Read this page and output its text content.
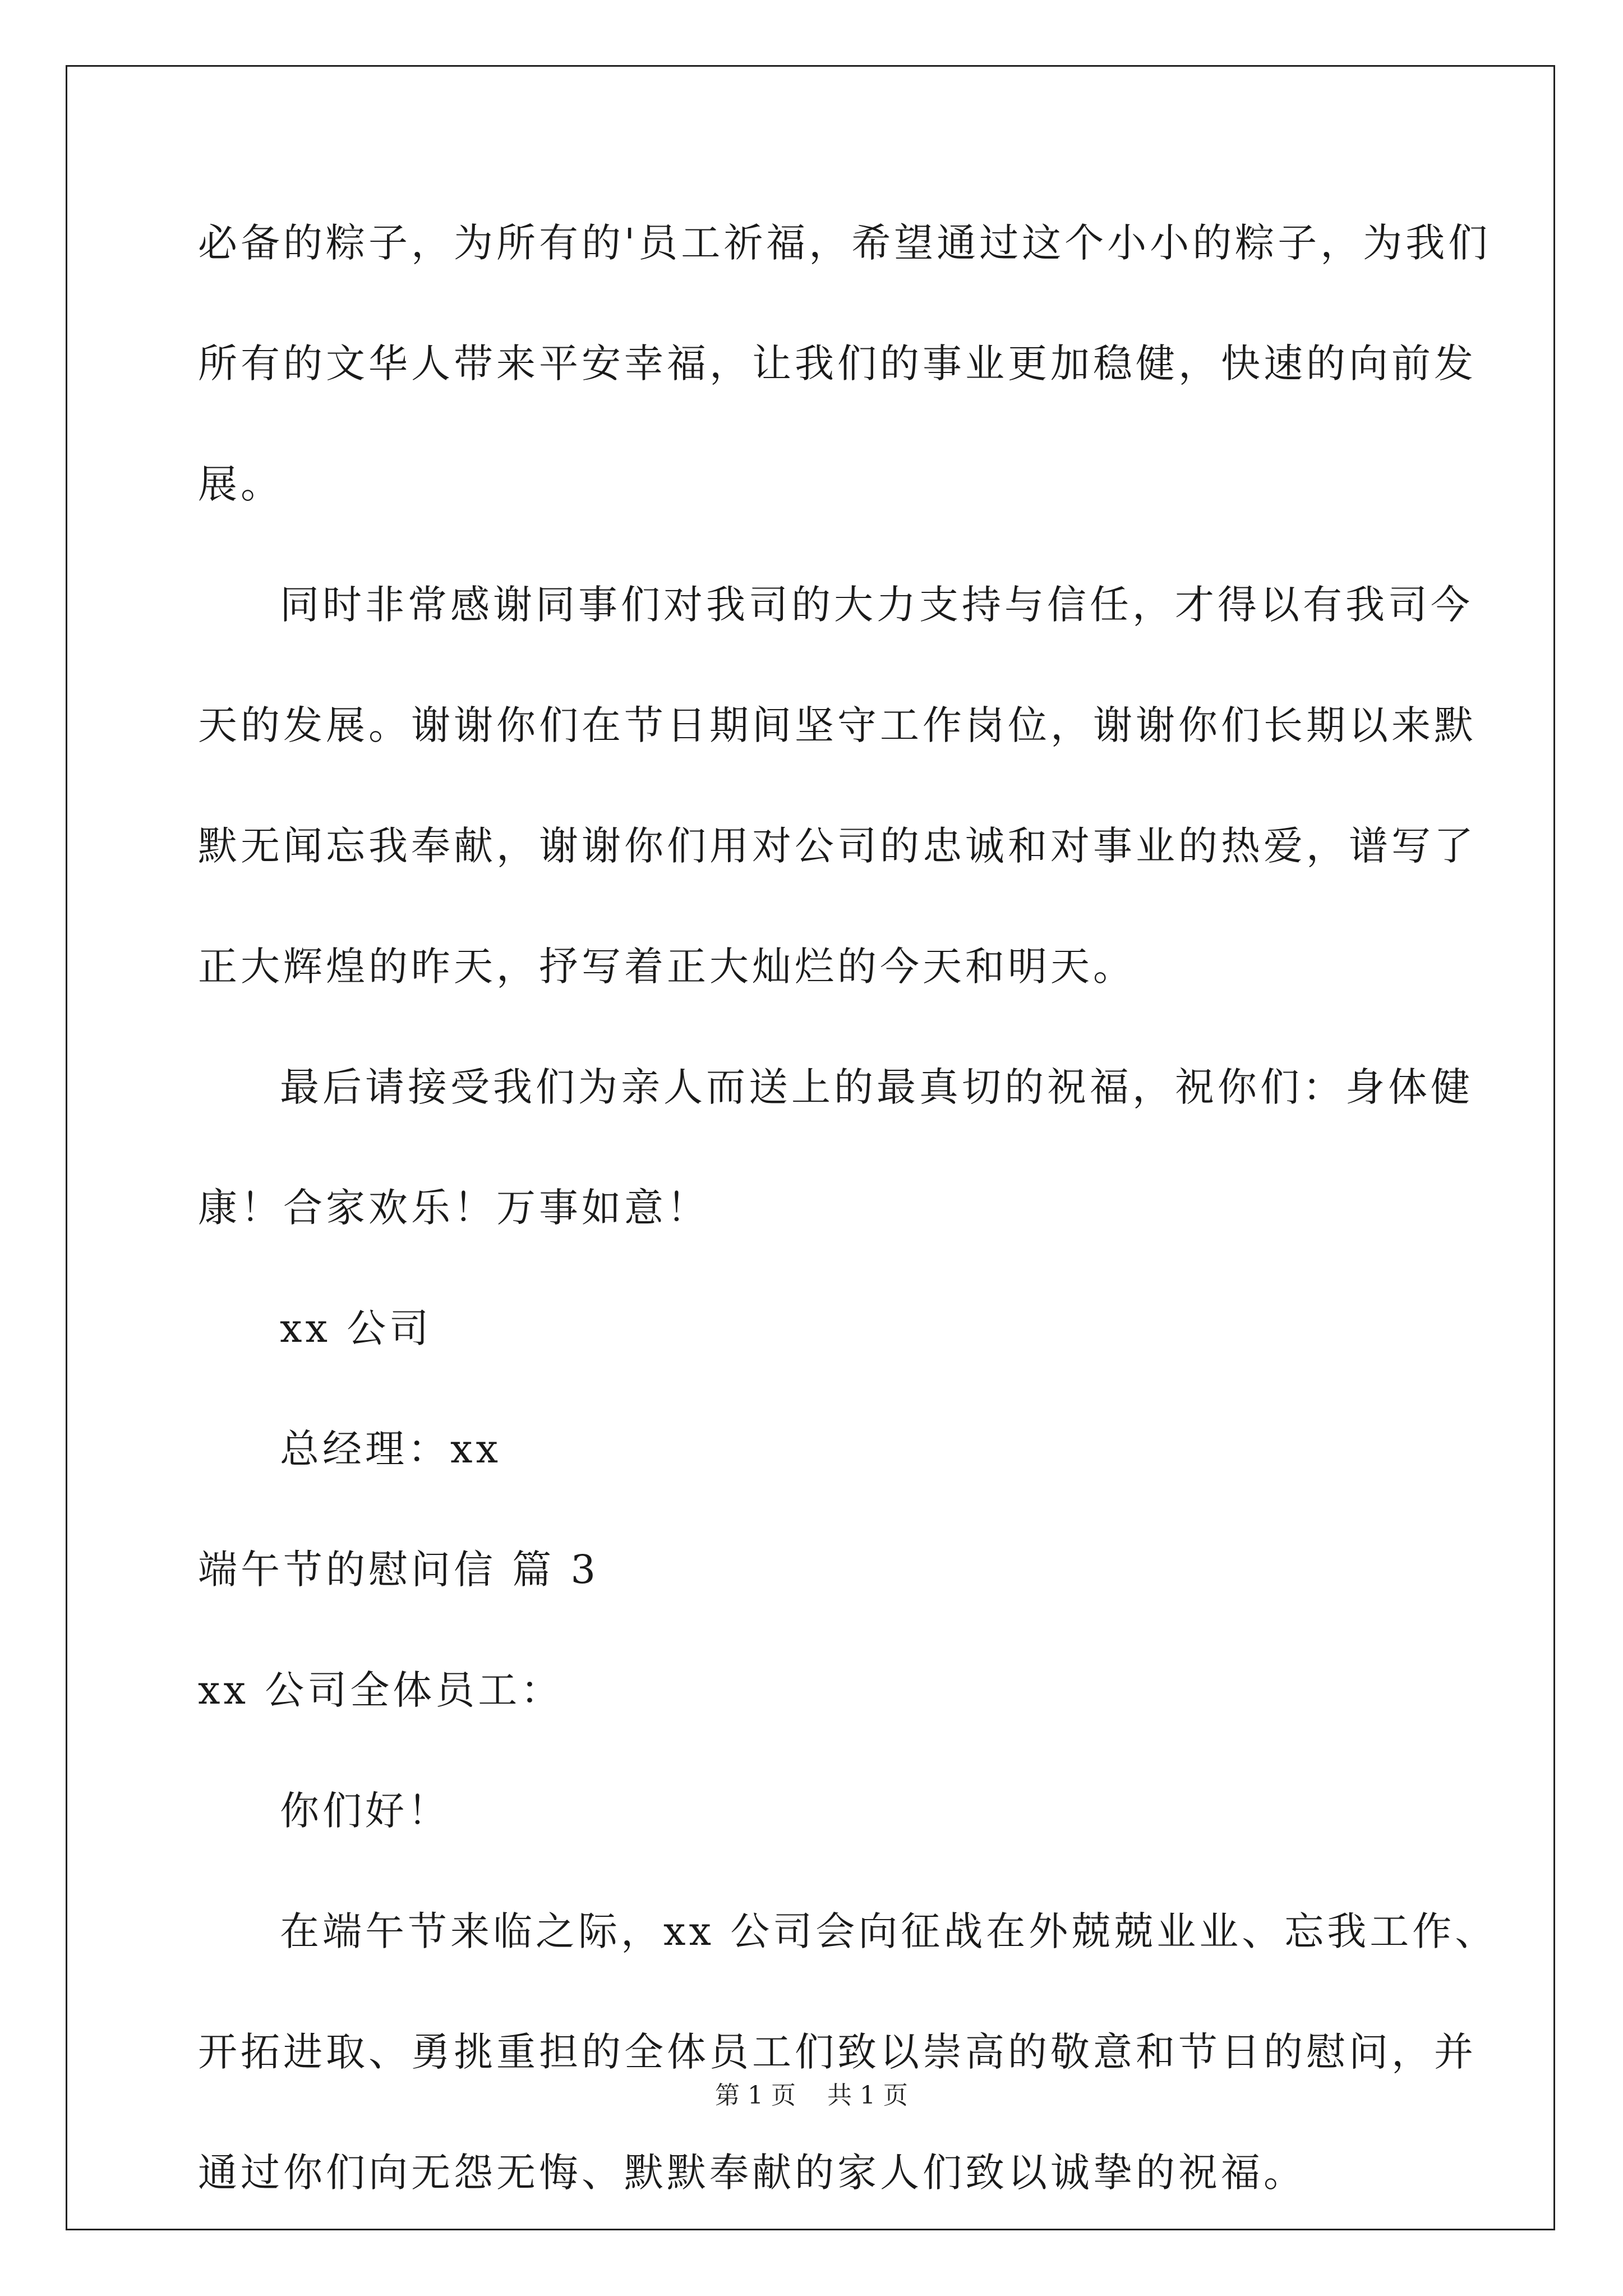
必备的粽子，为所有的'员工祈福，希望通过这个小小的粽子，为我们
所有的文华人带来平安幸福，让我们的事业更加稳健，快速的向前发
展。
同时非常感谢同事们对我司的大力支持与信任，才得以有我司今
天的发展。谢谢你们在节日期间坚守工作岗位，谢谢你们长期以来默
默无闻忘我奉献，谢谢你们用对公司的忠诚和对事业的热爱，谱写了
正大辉煌的昨天，抒写着正大灿烂的今天和明天。
最后请接受我们为亲人而送上的最真切的祝福，祝你们：身体健
康！合家欢乐！万事如意！
xx 公司
总经理：xx
端午节的慰问信 篇 3
xx 公司全体员工：
你们好！
在端午节来临之际，xx 公司会向征战在外兢兢业业、忘我工作、
开拓进取、勇挑重担的全体员工们致以崇高的敬意和节日的慰问，并
通过你们向无怨无悔、默默奉献的家人们致以诚挚的祝福。
第 1 页    共 1 页
